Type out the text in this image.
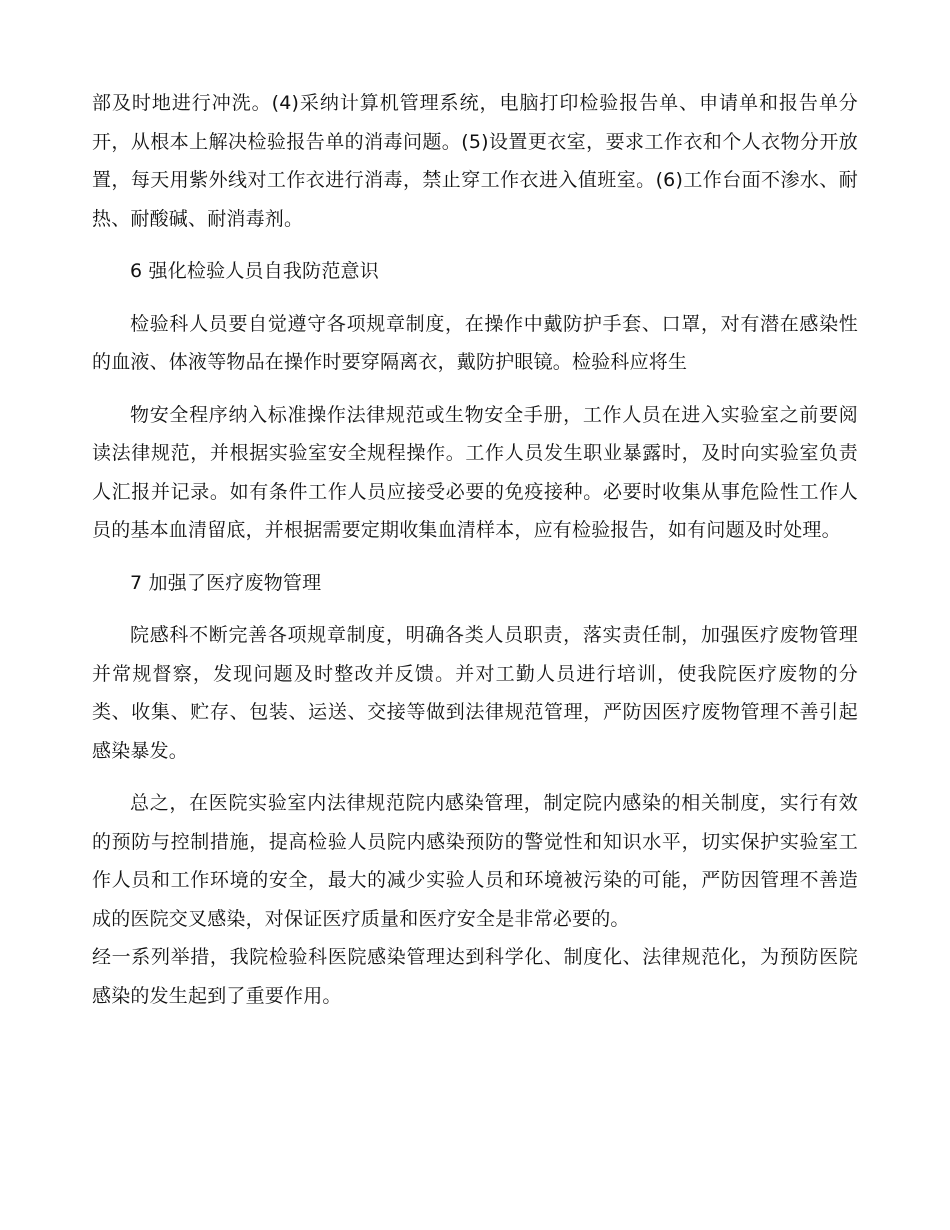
部及时地进行冲洗。(4)采纳计算机管理系统，电脑打印检验报告单、申请单和报告单分开，从根本上解决检验报告单的消毒问题。(5)设置更衣室，要求工作衣和个人衣物分开放置，每天用紫外线对工作衣进行消毒，禁止穿工作衣进入值班室。(6)工作台面不渗水、耐热、耐酸碱、耐消毒剂。

6 强化检验人员自我防范意识

检验科人员要自觉遵守各项规章制度，在操作中戴防护手套、口罩，对有潜在感染性的血液、体液等物品在操作时要穿隔离衣，戴防护眼镜。检验科应将生

物安全程序纳入标准操作法律规范或生物安全手册，工作人员在进入实验室之前要阅读法律规范，并根据实验室安全规程操作。工作人员发生职业暴露时，及时向实验室负责人汇报并记录。如有条件工作人员应接受必要的免疫接种。必要时收集从事危险性工作人员的基本血清留底，并根据需要定期收集血清样本，应有检验报告，如有问题及时处理。

7 加强了医疗废物管理

院感科不断完善各项规章制度，明确各类人员职责，落实责任制，加强医疗废物管理并常规督察，发现问题及时整改并反馈。并对工勤人员进行培训，使我院医疗废物的分类、收集、贮存、包装、运送、交接等做到法律规范管理，严防因医疗废物管理不善引起感染暴发。

总之，在医院实验室内法律规范院内感染管理，制定院内感染的相关制度，实行有效的预防与控制措施，提高检验人员院内感染预防的警觉性和知识水平，切实保护实验室工作人员和工作环境的安全，最大的减少实验人员和环境被污染的可能，严防因管理不善造成的医院交叉感染，对保证医疗质量和医疗安全是非常必要的。

经一系列举措，我院检验科医院感染管理达到科学化、制度化、法律规范化，为预防医院感染的发生起到了重要作用。
